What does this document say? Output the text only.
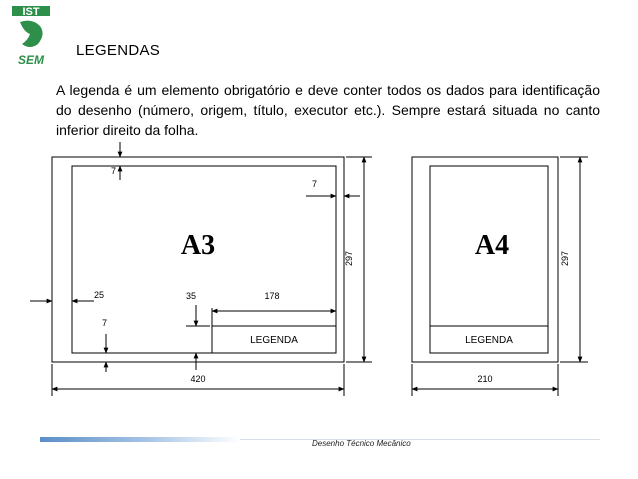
IST
SEM
LEGENDAS
A legenda é um elemento obrigatório e deve conter todos os dados para identificação do desenho (número, origem, título, executor etc.). Sempre estará situada no canto inferior direito da folha.
A3
LEGENDA
7
7
25
7
35	178
420
297	A4
LEGENDA
210
297
Desenho Técnico Mecânico
